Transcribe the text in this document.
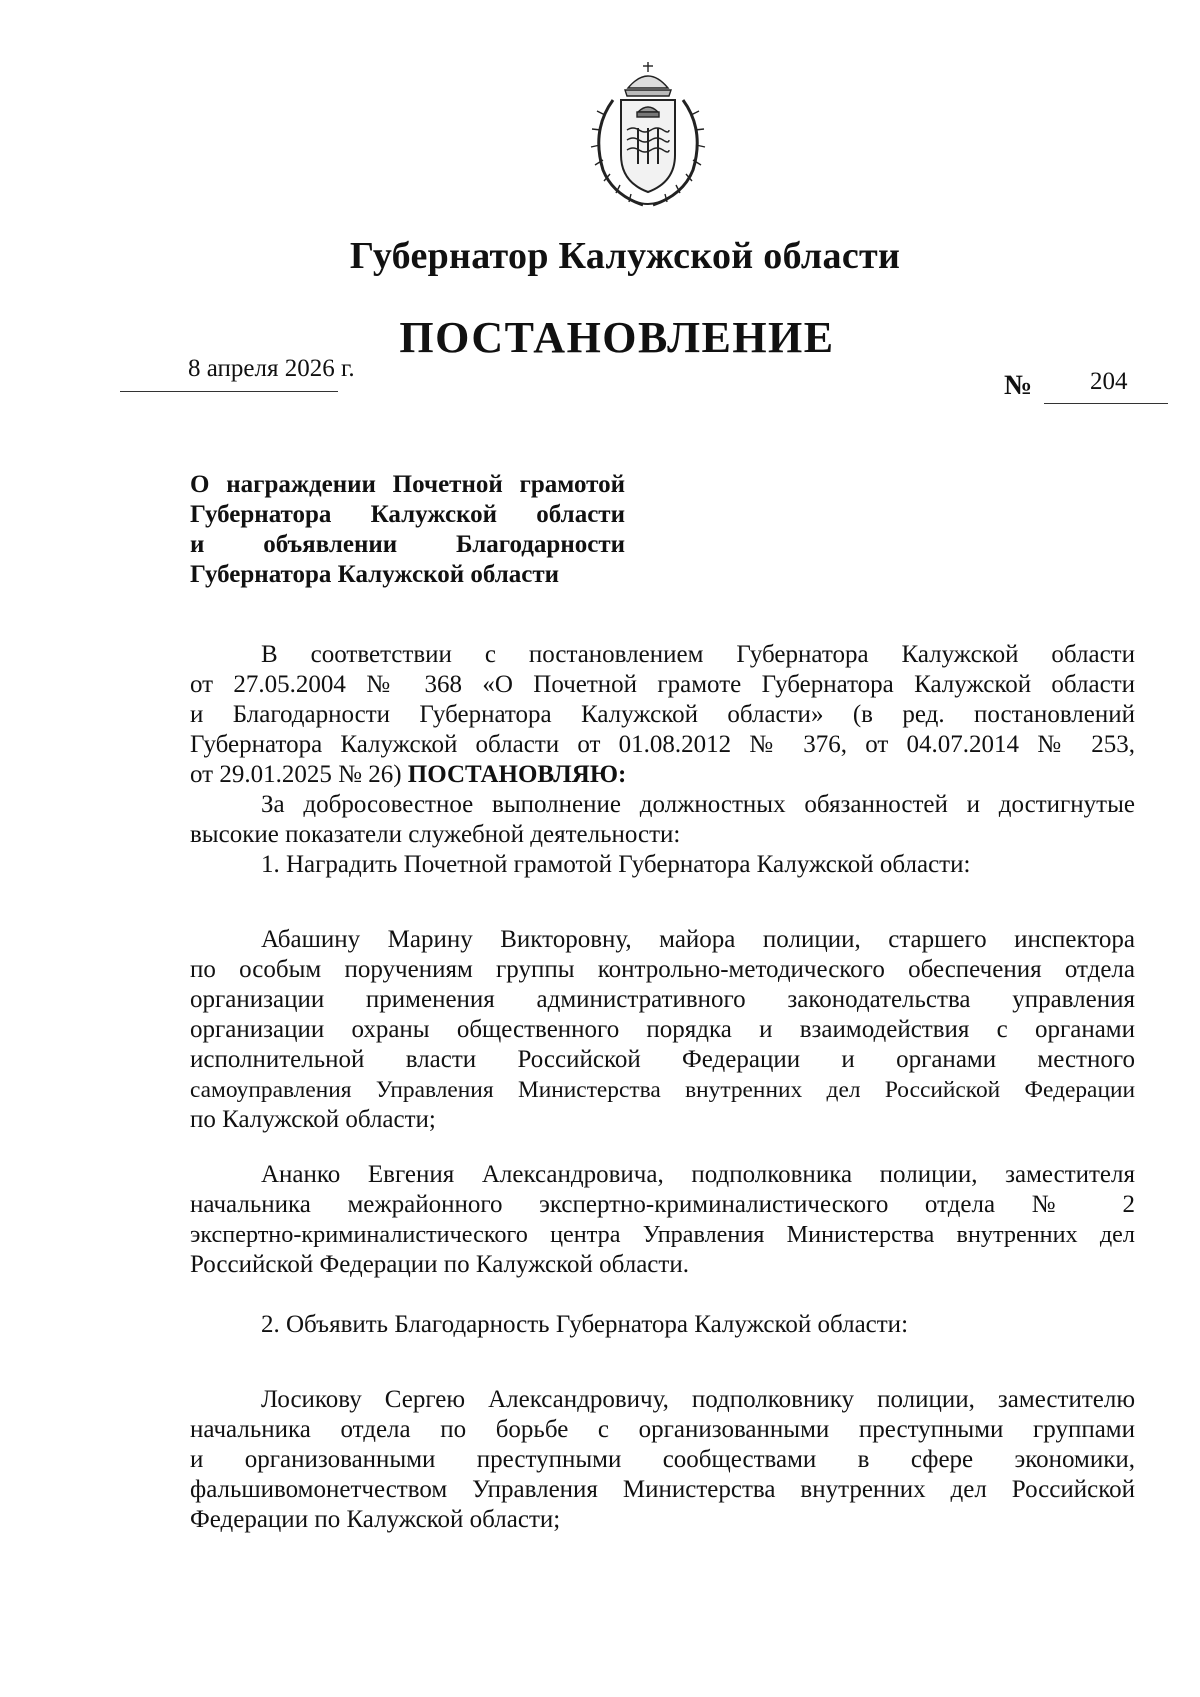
Губернатор Калужской области
ПОСТАНОВЛЕНИЕ
8 апреля 2026 г.
№ 204
О награждении Почетной грамотой
Губернатора Калужской области
и объявлении Благодарности
Губернатора Калужской области
В соответствии с постановлением Губернатора Калужской области
от 27.05.2004 № 368 «О Почетной грамоте Губернатора Калужской области
и Благодарности Губернатора Калужской области» (в ред. постановлений
Губернатора Калужской области от 01.08.2012 № 376, от 04.07.2014 № 253,
от 29.01.2025 № 26) ПОСТАНОВЛЯЮ:
За добросовестное выполнение должностных обязанностей и достигнутые
высокие показатели служебной деятельности:
1. Наградить Почетной грамотой Губернатора Калужской области:
Абашину Марину Викторовну, майора полиции, старшего инспектора
по особым поручениям группы контрольно-методического обеспечения отдела
организации применения административного законодательства управления
организации охраны общественного порядка и взаимодействия с органами
исполнительной власти Российской Федерации и органами местного
самоуправления Управления Министерства внутренних дел Российской Федерации
по Калужской области;
Ананко Евгения Александровича, подполковника полиции, заместителя
начальника межрайонного экспертно-криминалистического отдела № 2
экспертно-криминалистического центра Управления Министерства внутренних дел
Российской Федерации по Калужской области.
2. Объявить Благодарность Губернатора Калужской области:
Лосикову Сергею Александровичу, подполковнику полиции, заместителю
начальника отдела по борьбе с организованными преступными группами
и организованными преступными сообществами в сфере экономики,
фальшивомонетчеством Управления Министерства внутренних дел Российской
Федерации по Калужской области;
